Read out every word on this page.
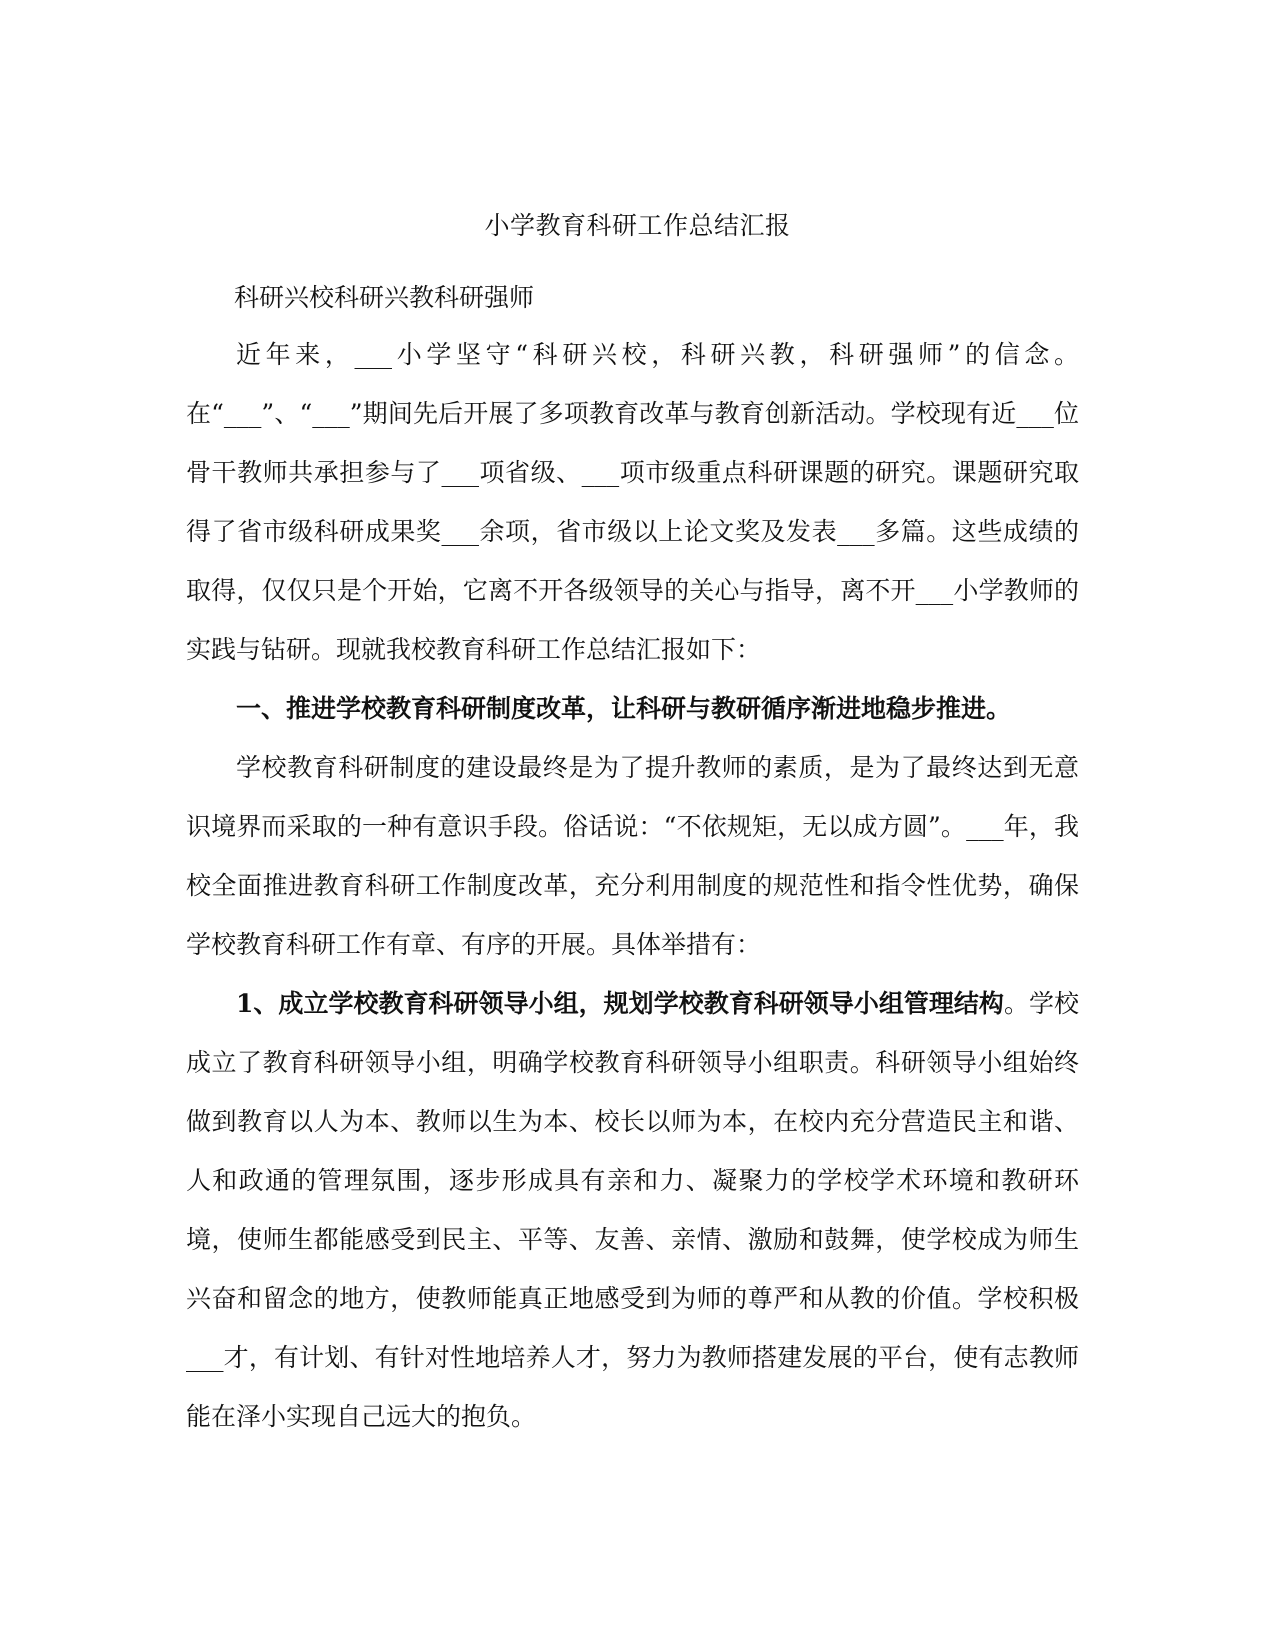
小学教育科研工作总结汇报
科研兴校科研兴教科研强师

近年来，___小学坚守“科研兴校，科研兴教，科研强师”的信念。在“___”、“___”期间先后开展了多项教育改革与教育创新活动。学校现有近___位骨干教师共承担参与了___项省级、___项市级重点科研课题的研究。课题研究取得了省市级科研成果奖___余项，省市级以上论文奖及发表___多篇。这些成绩的取得，仅仅只是个开始，它离不开各级领导的关心与指导，离不开___小学教师的实践与钻研。现就我校教育科研工作总结汇报如下：

一、推进学校教育科研制度改革，让科研与教研循序渐进地稳步推进。

学校教育科研制度的建设最终是为了提升教师的素质，是为了最终达到无意识境界而采取的一种有意识手段。俗话说：“不依规矩，无以成方圆”。___年，我校全面推进教育科研工作制度改革，充分利用制度的规范性和指令性优势，确保学校教育科研工作有章、有序的开展。具体举措有：

1、成立学校教育科研领导小组，规划学校教育科研领导小组管理结构。学校成立了教育科研领导小组，明确学校教育科研领导小组职责。科研领导小组始终做到教育以人为本、教师以生为本、校长以师为本，在校内充分营造民主和谐、人和政通的管理氛围，逐步形成具有亲和力、凝聚力的学校学术环境和教研环境，使师生都能感受到民主、平等、友善、亲情、激励和鼓舞，使学校成为师生兴奋和留念的地方，使教师能真正地感受到为师的尊严和从教的价值。学校积极___才，有计划、有针对性地培养人才，努力为教师搭建发展的平台，使有志教师能在泽小实现自己远大的抱负。
